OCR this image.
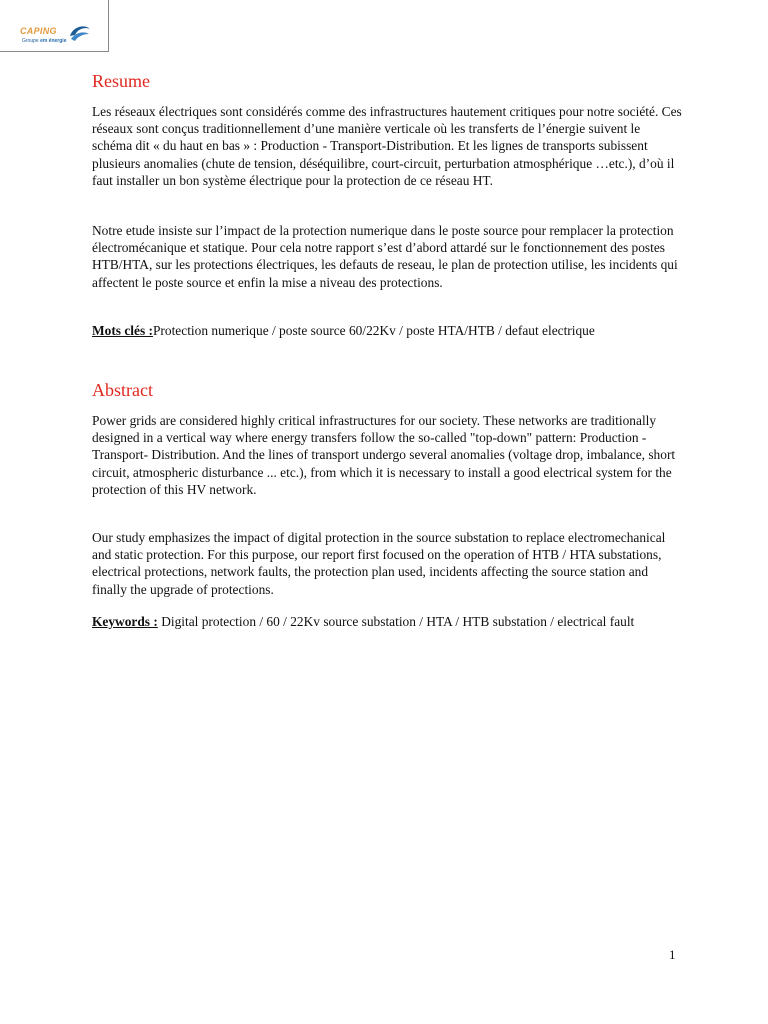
CAPING
Groupe em énergie
Resume

Les réseaux électriques sont considérés comme des infrastructures hautement critiques pour notre société. Ces réseaux sont conçus traditionnellement d’une manière verticale où les transferts de l’énergie suivent le schéma dit « du haut en bas » : Production - Transport-Distribution. Et les lignes de transports subissent plusieurs anomalies (chute de tension, déséquilibre, court-circuit, perturbation atmosphérique …etc.), d’où il faut installer un bon système électrique pour la protection de ce réseau HT.

Notre etude insiste sur l’impact de la protection numerique dans le poste source pour remplacer la protection électromécanique et statique. Pour cela notre rapport s’est d’abord attardé sur le fonctionnement des postes HTB/HTA, sur les protections électriques, les defauts de reseau, le plan de protection utilise, les incidents qui affectent le poste source et enfin la mise a niveau des protections.

Mots clés :Protection numerique / poste source 60/22Kv / poste HTA/HTB / defaut electrique

Abstract

Power grids are considered highly critical infrastructures for our society. These networks are traditionally designed in a vertical way where energy transfers follow the so-called "top-down" pattern: Production - Transport- Distribution. And the lines of transport undergo several anomalies (voltage drop, imbalance, short circuit, atmospheric disturbance ... etc.), from which it is necessary to install a good electrical system for the protection of this HV network.

Our study emphasizes the impact of digital protection in the source substation to replace electromechanical and static protection. For this purpose, our report first focused on the operation of HTB / HTA substations, electrical protections, network faults, the protection plan used, incidents affecting the source station and finally the upgrade of protections.

Keywords : Digital protection / 60 / 22Kv source substation / HTA / HTB substation / electrical fault

1
